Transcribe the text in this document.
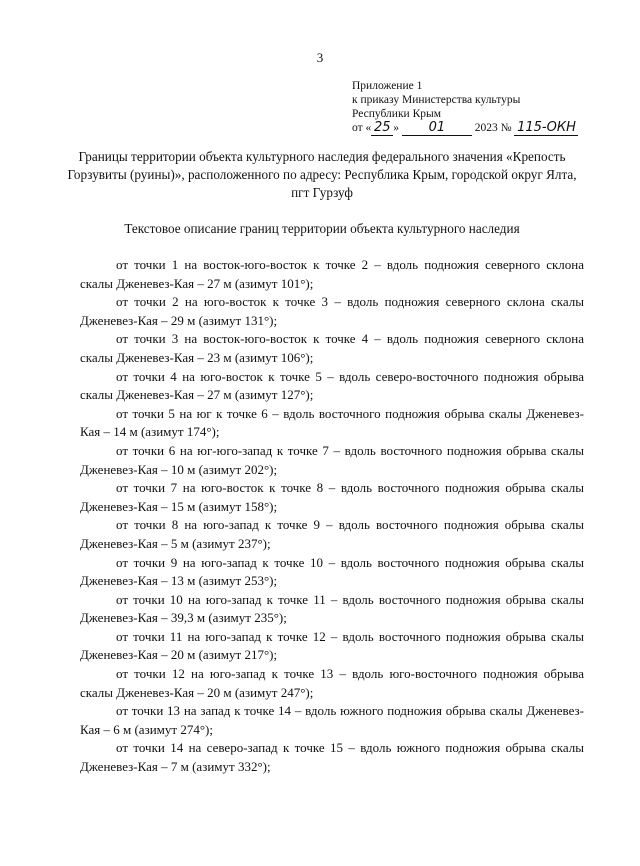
3
Приложение 1
к приказу Министерства культуры
Республики Крым
от « 25 » 01	2023 № 115-ОКН
Границы территории объекта культурного наследия федерального значения «Крепость Горзувиты (руины)», расположенного по адресу: Республика Крым, городской округ Ялта, пгт Гурзуф
Текстовое описание границ территории объекта культурного наследия

от точки 1 на восток-юго-восток к точке 2 – вдоль подножия северного склона скалы Дженевез-Кая – 27 м (азимут 101°);

от точки 2 на юго-восток к точке 3 – вдоль подножия северного склона скалы Дженевез-Кая – 29 м (азимут 131°);

от точки 3 на восток-юго-восток к точке 4 – вдоль подножия северного склона скалы Дженевез-Кая – 23 м (азимут 106°);

от точки 4 на юго-восток к точке 5 – вдоль северо-восточного подножия обрыва скалы Дженевез-Кая – 27 м (азимут 127°);

от точки 5 на юг к точке 6 – вдоль восточного подножия обрыва скалы Дженевез-Кая – 14 м (азимут 174°);

от точки 6 на юг-юго-запад к точке 7 – вдоль восточного подножия обрыва скалы Дженевез-Кая – 10 м (азимут 202°);

от точки 7 на юго-восток к точке 8 – вдоль восточного подножия обрыва скалы Дженевез-Кая – 15 м (азимут 158°);

от точки 8 на юго-запад к точке 9 – вдоль восточного подножия обрыва скалы Дженевез-Кая – 5 м (азимут 237°);

от точки 9 на юго-запад к точке 10 – вдоль восточного подножия обрыва скалы Дженевез-Кая – 13 м (азимут 253°);

от точки 10 на юго-запад к точке 11 – вдоль восточного подножия обрыва скалы Дженевез-Кая – 39,3 м (азимут 235°);

от точки 11 на юго-запад к точке 12 – вдоль восточного подножия обрыва скалы Дженевез-Кая – 20 м (азимут 217°);

от точки 12 на юго-запад к точке 13 – вдоль юго-восточного подножия обрыва скалы Дженевез-Кая – 20 м (азимут 247°);

от точки 13 на запад к точке 14 – вдоль южного подножия обрыва скалы Дженевез-Кая – 6 м (азимут 274°);

от точки 14 на северо-запад к точке 15 – вдоль южного подножия обрыва скалы Дженевез-Кая – 7 м (азимут 332°);
